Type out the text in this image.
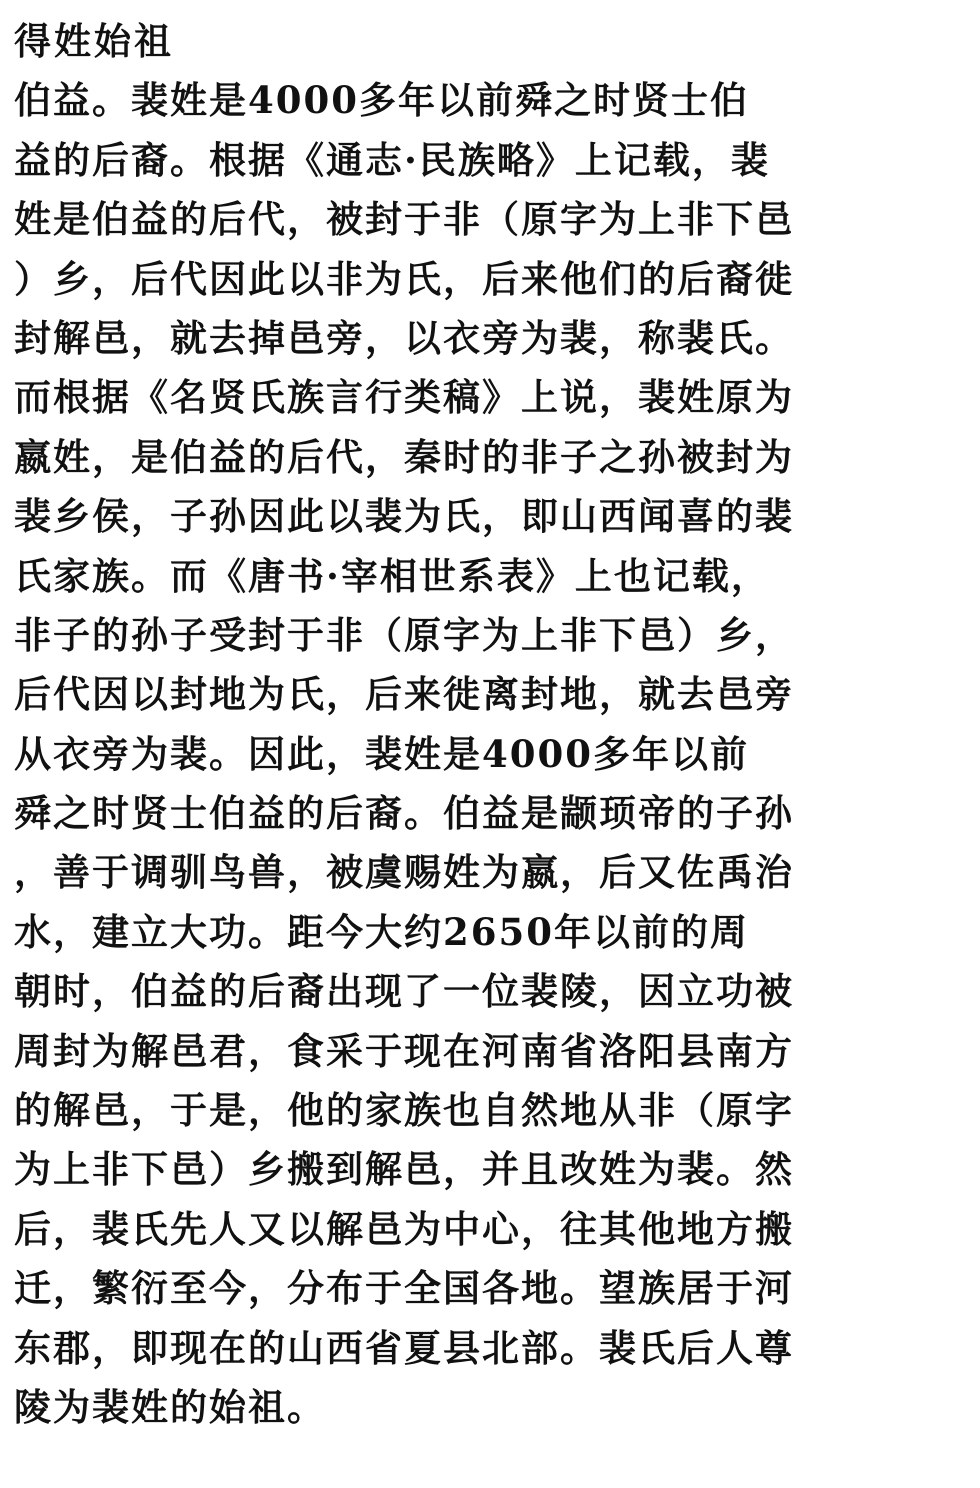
得姓始祖
伯益。裴姓是4000多年以前舜之时贤士伯
益的后裔。根据《通志·民族略》上记载，裴
姓是伯益的后代，被封于非（原字为上非下邑
）乡，后代因此以非为氏，后来他们的后裔徙
封解邑，就去掉邑旁，以衣旁为裴，称裴氏。
而根据《名贤氏族言行类稿》上说，裴姓原为
嬴姓，是伯益的后代，秦时的非子之孙被封为
裴乡侯，子孙因此以裴为氏，即山西闻喜的裴
氏家族。而《唐书·宰相世系表》上也记载，
非子的孙子受封于非（原字为上非下邑）乡，
后代因以封地为氏，后来徙离封地，就去邑旁
从衣旁为裴。因此，裴姓是4000多年以前
舜之时贤士伯益的后裔。伯益是颛顼帝的子孙
，善于调驯鸟兽，被虞赐姓为嬴，后又佐禹治
水，建立大功。距今大约2650年以前的周
朝时，伯益的后裔出现了一位裴陵，因立功被
周封为解邑君，食采于现在河南省洛阳县南方
的解邑，于是，他的家族也自然地从非（原字
为上非下邑）乡搬到解邑，并且改姓为裴。然
后，裴氏先人又以解邑为中心，往其他地方搬
迁，繁衍至今，分布于全国各地。望族居于河
东郡，即现在的山西省夏县北部。裴氏后人尊
陵为裴姓的始祖。
